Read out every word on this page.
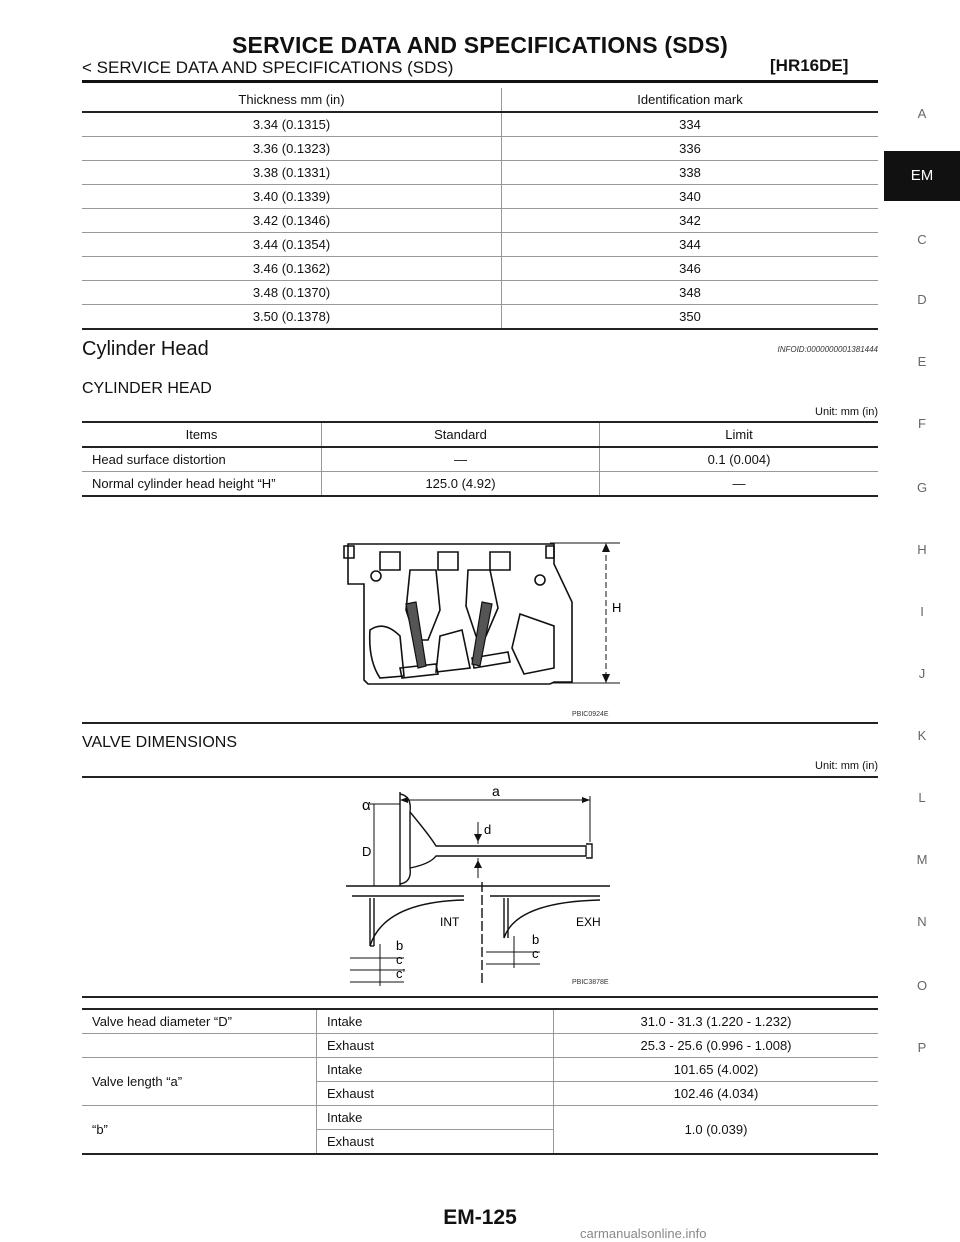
SERVICE DATA AND SPECIFICATIONS (SDS)
< SERVICE DATA AND SPECIFICATIONS (SDS)	[HR16DE]
Thickness mm (in)	Identification mark
3.34 (0.1315)	334
3.36 (0.1323)	336
3.38 (0.1331)	338
3.40 (0.1339)	340
3.42 (0.1346)	342
3.44 (0.1354)	344
3.46 (0.1362)	346
3.48 (0.1370)	348
3.50 (0.1378)	350
Cylinder Head	INFOID:0000000001381444
CYLINDER HEAD
Unit: mm (in)
Items	Standard	Limit
Head surface distortion	—	0.1 (0.004)
Normal cylinder head height “H”	125.0 (4.92)	—
H
PBIC0924E
VALVE DIMENSIONS
Unit: mm (in)
α
a
d
D
INT	EXH
b
c
c’
b
c
PBIC3878E
Valve head diameter “D”	Intake	31.0 - 31.3 (1.220 - 1.232)
	Exhaust	25.3 - 25.6 (0.996 - 1.008)
Valve length “a”	Intake	101.65 (4.002)
	Exhaust	102.46 (4.034)
“b”	Intake	1.0 (0.039)
	Exhaust	
A
EM
C
D
E
F
G
H
I
J
K
L
M
N
O
P
EM-125
carmanualsonline.info
